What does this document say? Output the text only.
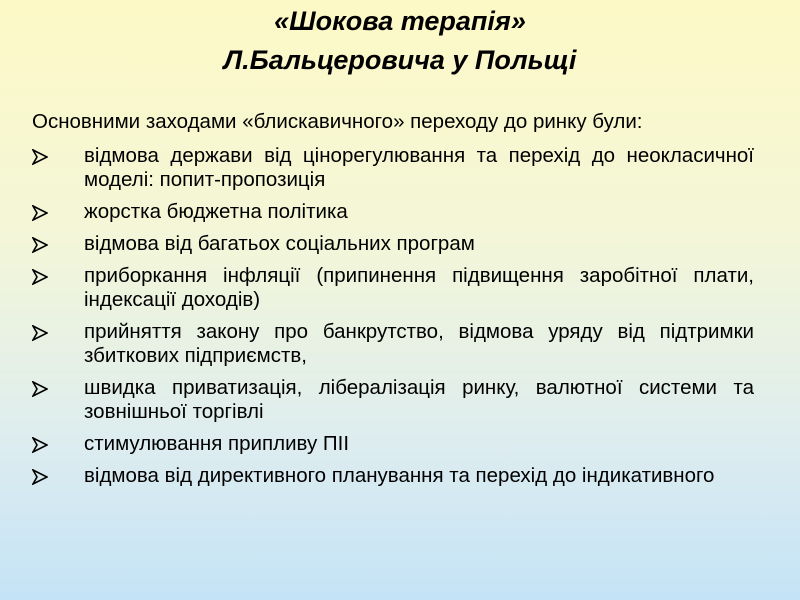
«Шокова терапія»
Л.Бальцеровича у Польщі

Основними заходами «блискавичного» переходу до ринку були:

відмова держави від цінорегулювання та перехід до неокласичної моделі: попит-пропозиція
жорстка бюджетна політика
відмова від багатьох соціальних програм
приборкання інфляції (припинення підвищення заробітної плати, індексації доходів)
прийняття закону про банкрутство, відмова уряду від підтримки збиткових підприємств,
швидка приватизація, лібералізація ринку, валютної системи та зовнішньої торгівлі
стимулювання припливу ПІІ
відмова від директивного планування та перехід до індикативного
